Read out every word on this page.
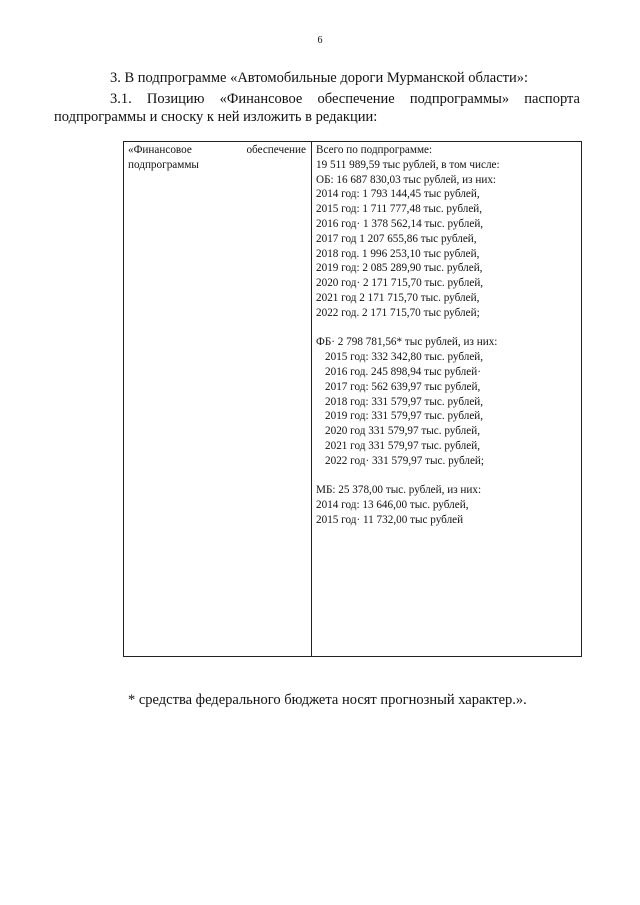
6
3. В подпрограмме «Автомобильные дороги Мурманской области»:
3.1. Позицию «Финансовое обеспечение подпрограммы» паспорта
подпрограммы и сноску к ней изложить в редакции:
«Финансовое	обеспечение
подпрограммы
Всего по подпрограмме:
19 511 989,59 тыс рублей, в том числе:
ОБ: 16 687 830,03 тыс рублей, из них:
2014 год: 1 793 144,45 тыс рублей,
2015 год: 1 711 777,48 тыс. рублей,
2016 год· 1 378 562,14 тыс. рублей,
2017 год 1 207 655,86 тыс рублей,
2018 год. 1 996 253,10 тыс рублей,
2019 год: 2 085 289,90 тыс. рублей,
2020 год· 2 171 715,70 тыс. рублей,
2021 год 2 171 715,70 тыс. рублей,
2022 год. 2 171 715,70 тыс рублей;
ФБ· 2 798 781,56* тыс рублей, из них:
2015 год: 332 342,80 тыс. рублей,
2016 год. 245 898,94 тыс рублей·
2017 год: 562 639,97 тыс рублей,
2018 год: 331 579,97 тыс. рублей,
2019 год: 331 579,97 тыс. рублей,
2020 год 331 579,97 тыс. рублей,
2021 год 331 579,97 тыс. рублей,
2022 год· 331 579,97 тыс. рублей;
МБ: 25 378,00 тыс. рублей, из них:
2014 год: 13 646,00 тыс. рублей,
2015 год· 11 732,00 тыс рублей
* средства федерального бюджета носят прогнозный характер.».
